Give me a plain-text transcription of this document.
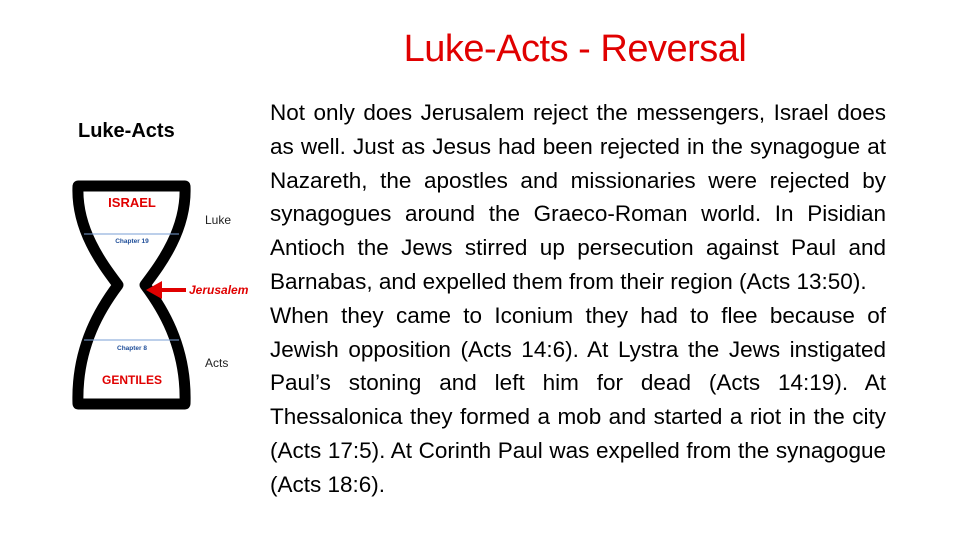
Luke-Acts - Reversal
Luke-Acts
ISRAEL
Chapter 19
Chapter 8
GENTILES
Luke
Acts
Jerusalem

Not only does Jerusalem reject the messengers, Israel does as well. Just as Jesus had been rejected in the synagogue at Nazareth, the apostles and missionaries were rejected by synagogues around the Graeco-Roman world. In Pisidian Antioch the Jews stirred up persecution against Paul and Barnabas, and expelled them from their region (Acts 13:50).

When they came to Iconium they had to flee because of Jewish opposition (Acts 14:6). At Lystra the Jews instigated Paul’s stoning and left him for dead (Acts 14:19). At Thessalonica they formed a mob and started a riot in the city (Acts 17:5). At Corinth Paul was expelled from the synagogue (Acts 18:6).
